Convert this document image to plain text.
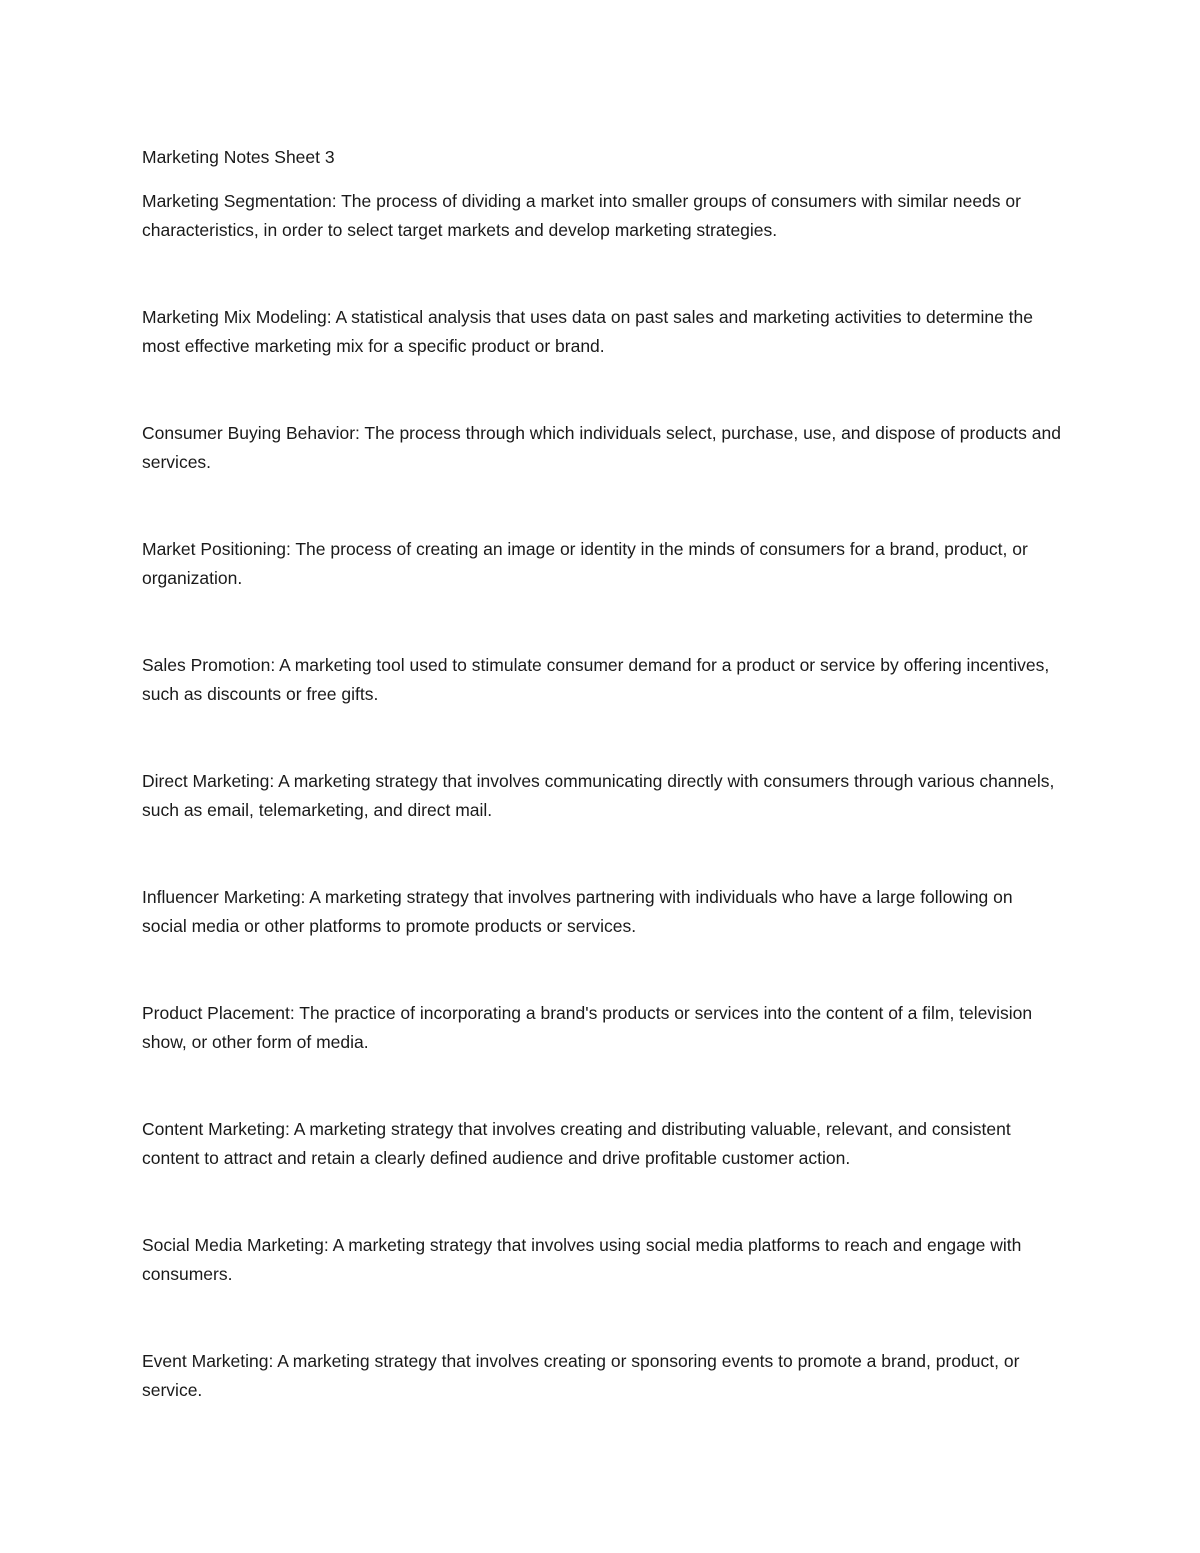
Marketing Notes Sheet 3

Marketing Segmentation: The process of dividing a market into smaller groups of consumers with similar needs or characteristics, in order to select target markets and develop marketing strategies.

Marketing Mix Modeling: A statistical analysis that uses data on past sales and marketing activities to determine the most effective marketing mix for a specific product or brand.

Consumer Buying Behavior: The process through which individuals select, purchase, use, and dispose of products and services.

Market Positioning: The process of creating an image or identity in the minds of consumers for a brand, product, or organization.

Sales Promotion: A marketing tool used to stimulate consumer demand for a product or service by offering incentives, such as discounts or free gifts.

Direct Marketing: A marketing strategy that involves communicating directly with consumers through various channels, such as email, telemarketing, and direct mail.

Influencer Marketing: A marketing strategy that involves partnering with individuals who have a large following on social media or other platforms to promote products or services.

Product Placement: The practice of incorporating a brand's products or services into the content of a film, television show, or other form of media.

Content Marketing: A marketing strategy that involves creating and distributing valuable, relevant, and consistent content to attract and retain a clearly defined audience and drive profitable customer action.

Social Media Marketing: A marketing strategy that involves using social media platforms to reach and engage with consumers.

Event Marketing: A marketing strategy that involves creating or sponsoring events to promote a brand, product, or service.
